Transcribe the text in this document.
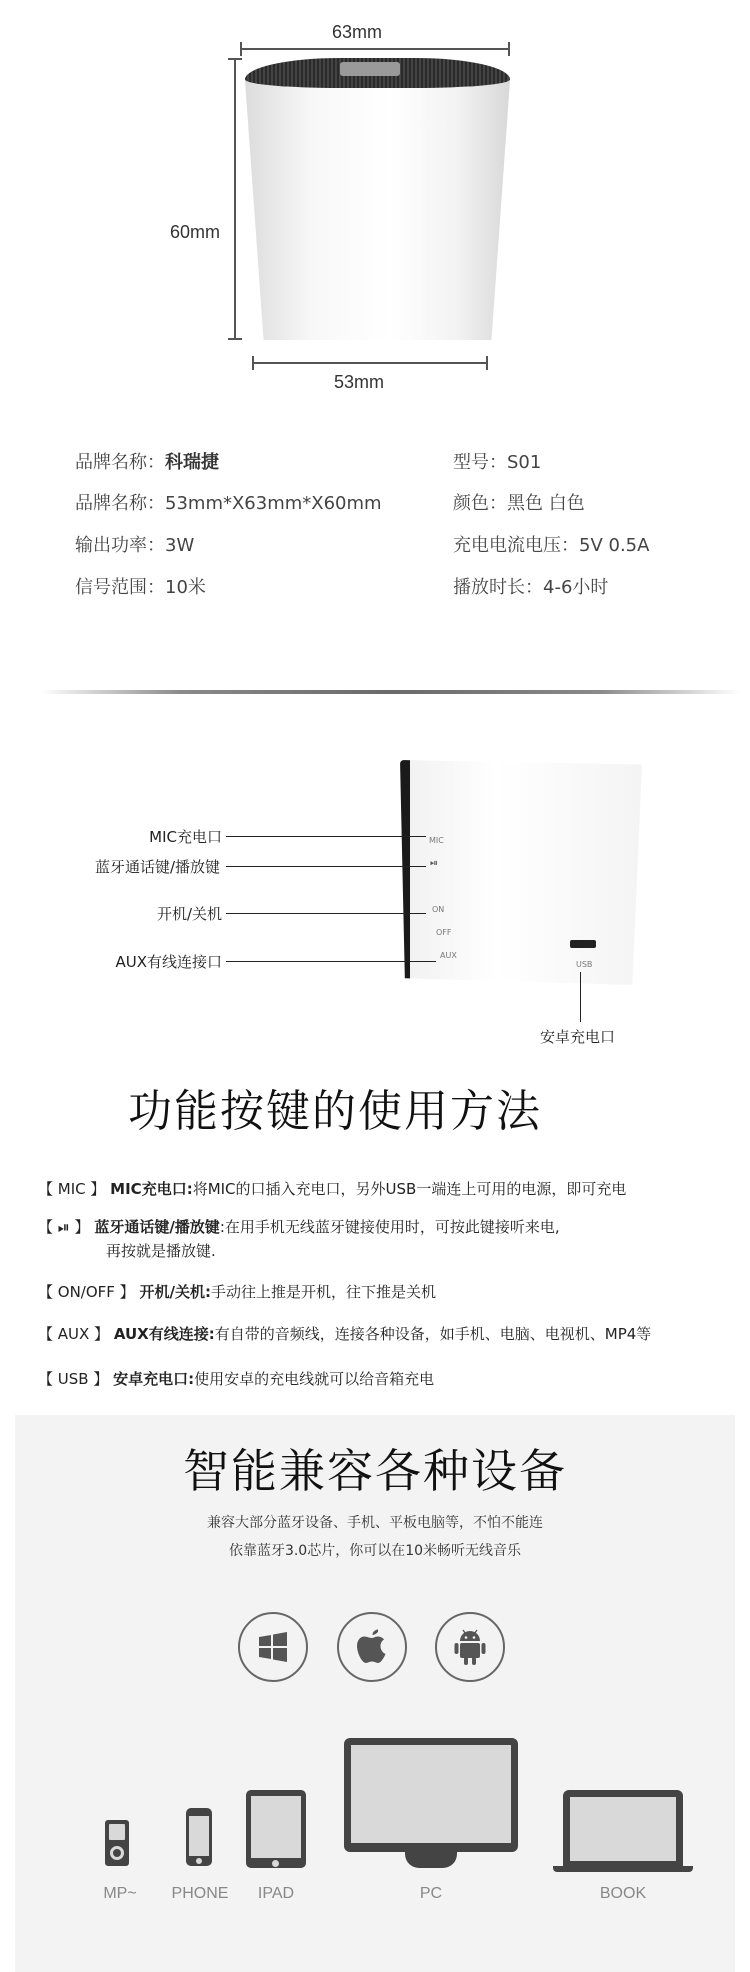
63mm
60mm
53mm
品牌名称：科瑞捷	型号：S01
品牌名称：53mm*X63mm*X60mm	颜色：黑色 白色
输出功率：3W	充电电流电压：5V 0.5A
信号范围：10米	播放时长：4-6小时
MIC
⏯
ON
OFF
AUX
USB
MIC充电口
蓝牙通话键/播放键
开机/关机
AUX有线连接口
安卓充电口
功能按键的使用方法
【 MIC 】 MIC充电口:将MIC的口插入充电口，另外USB一端连上可用的电源，即可充电
【 ⏯ 】 蓝牙通话键/播放键:在用手机无线蓝牙键接使用时，可按此键接听来电,
再按就是播放键.
【 ON/OFF 】 开机/关机:手动往上推是开机，往下推是关机
【 AUX 】 AUX有线连接:有自带的音频线，连接各种设备，如手机、电脑、电视机、MP4等
【 USB 】 安卓充电口:使用安卓的充电线就可以给音箱充电
智能兼容各种设备
兼容大部分蓝牙设备、手机、平板电脑等，不怕不能连
依靠蓝牙3.0芯片，你可以在10米畅听无线音乐
MP~	PHONE	IPAD	PC	BOOK
